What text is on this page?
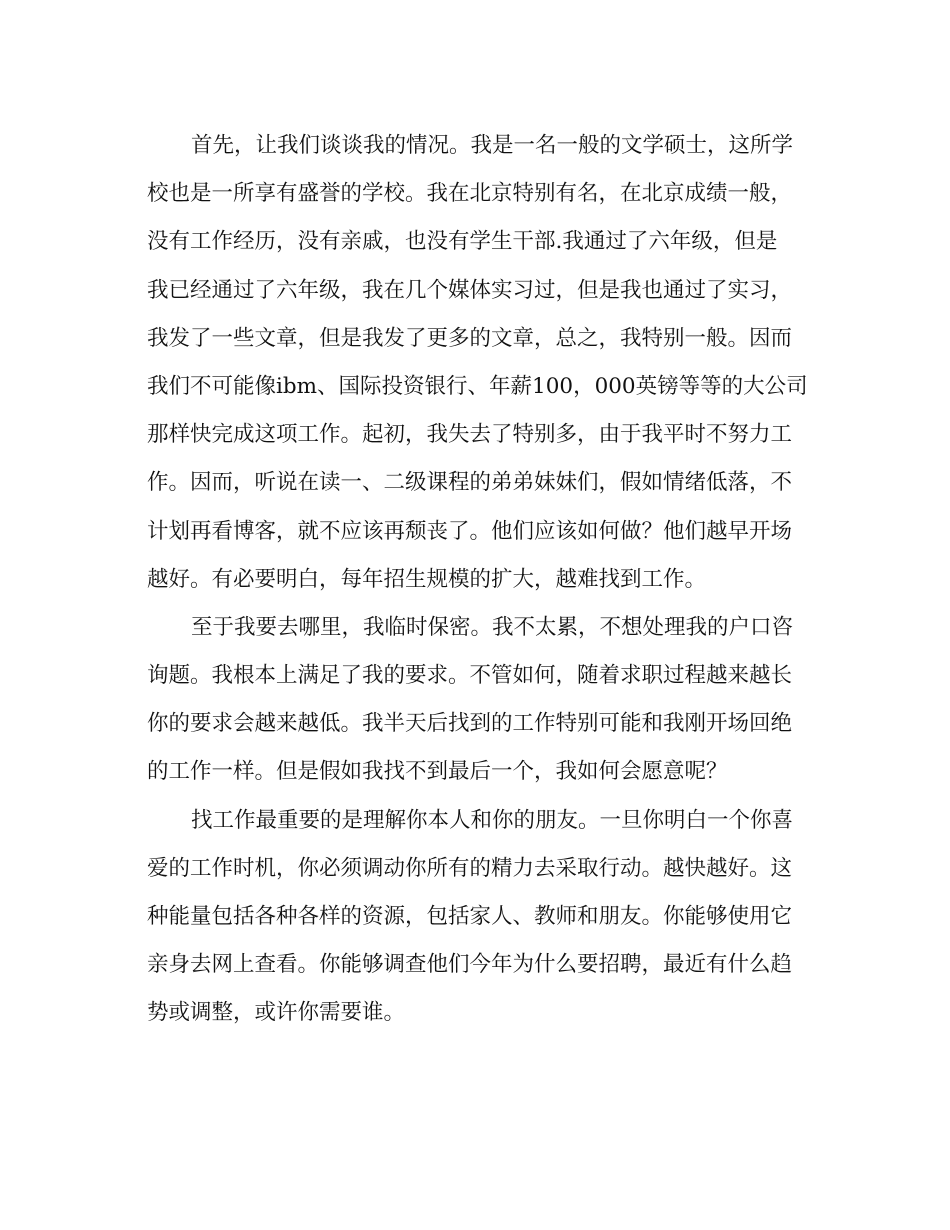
首先，让我们谈谈我的情况。我是一名一般的文学硕士，这所学
校也是一所享有盛誉的学校。我在北京特别有名，在北京成绩一般，
没有工作经历，没有亲戚，也没有学生干部.我通过了六年级，但是
我已经通过了六年级，我在几个媒体实习过，但是我也通过了实习，
我发了一些文章，但是我发了更多的文章，总之，我特别一般。因而
我们不可能像ibm、国际投资银行、年薪100，000英镑等等的大公司
那样快完成这项工作。起初，我失去了特别多，由于我平时不努力工
作。因而，听说在读一、二级课程的弟弟妹妹们，假如情绪低落，不
计划再看博客，就不应该再颓丧了。他们应该如何做？他们越早开场
越好。有必要明白，每年招生规模的扩大，越难找到工作。
至于我要去哪里，我临时保密。我不太累，不想处理我的户口咨
询题。我根本上满足了我的要求。不管如何，随着求职过程越来越长
你的要求会越来越低。我半天后找到的工作特别可能和我刚开场回绝
的工作一样。但是假如我找不到最后一个，我如何会愿意呢？
找工作最重要的是理解你本人和你的朋友。一旦你明白一个你喜
爱的工作时机，你必须调动你所有的精力去采取行动。越快越好。这
种能量包括各种各样的资源，包括家人、教师和朋友。你能够使用它
亲身去网上查看。你能够调查他们今年为什么要招聘，最近有什么趋
势或调整，或许你需要谁。
